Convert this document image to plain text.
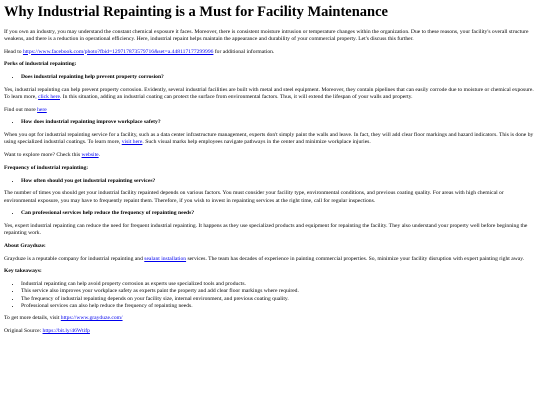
Why Industrial Repainting is a Must for Facility Maintenance

If you own an industry, you may understand the constant chemical exposure it faces. Moreover, there is consistent moisture intrusion or temperature changes within the organization. Due to these reasons, your facility's overall structure weakens, and there is a reduction in operational efficiency. Here, industrial repaint helps maintain the appearance and durability of your commercial property. Let's discuss this further.

Head to https://www.facebook.com/photo?fbid=129717873579716&set=a.448117177299996 for additional information.

Perks of industrial repainting:

• Does industrial repainting help prevent property corrosion?

Yes, industrial repainting can help prevent property corrosion. Evidently, several industrial facilities are built with metal and steel equipment. Moreover, they contain pipelines that can easily corrode due to moisture or chemical exposure. To learn more, click here. In this situation, adding an industrial coating can protect the surface from environmental factors. Thus, it will extend the lifespan of your walls and property.

Find out more here

• How does industrial repainting improve workplace safety?

When you opt for industrial repainting service for a facility, such as a data center infrastructure management, experts don't simply paint the walls and leave. In fact, they will add clear floor markings and hazard indicators. This is done by using specialized industrial coatings. To learn more, visit here. Such visual marks help employees navigate pathways in the center and minimize workplace injuries.

Want to explore more? Check this website.

Frequency of industrial repainting:

• How often should you get industrial repainting services?

The number of times you should get your industrial facility repainted depends on various factors. You must consider your facility type, environmental conditions, and previous coating quality. For areas with high chemical or environmental exposure, you may have to frequently repaint them. Therefore, if you wish to invest in repainting services at the right time, call for regular inspections.

• Can professional services help reduce the frequency of repainting needs?

Yes, expert industrial repainting can reduce the need for frequent industrial repainting. It happens as they use specialized products and equipment for repainting the facility. They also understand your property well before beginning the repainting work.

About Grayduze:

Grayduze is a reputable company for industrial repainting and sealant installation services. The team has decades of experience in painting commercial properties. So, minimize your facility disruption with expert painting right away.

Key takeaways:

• Industrial repainting can help avoid property corrosion as experts use specialized tools and products.
• This service also improves your workplace safety as experts paint the property and add clear floor markings where required.
• The frequency of industrial repainting depends on your facility size, internal environment, and previous coating quality.
• Professional services can also help reduce the frequency of repainting needs.

To get more details, visit https://www.grayduze.com/

Original Source: https://bit.ly/46Wtifp
